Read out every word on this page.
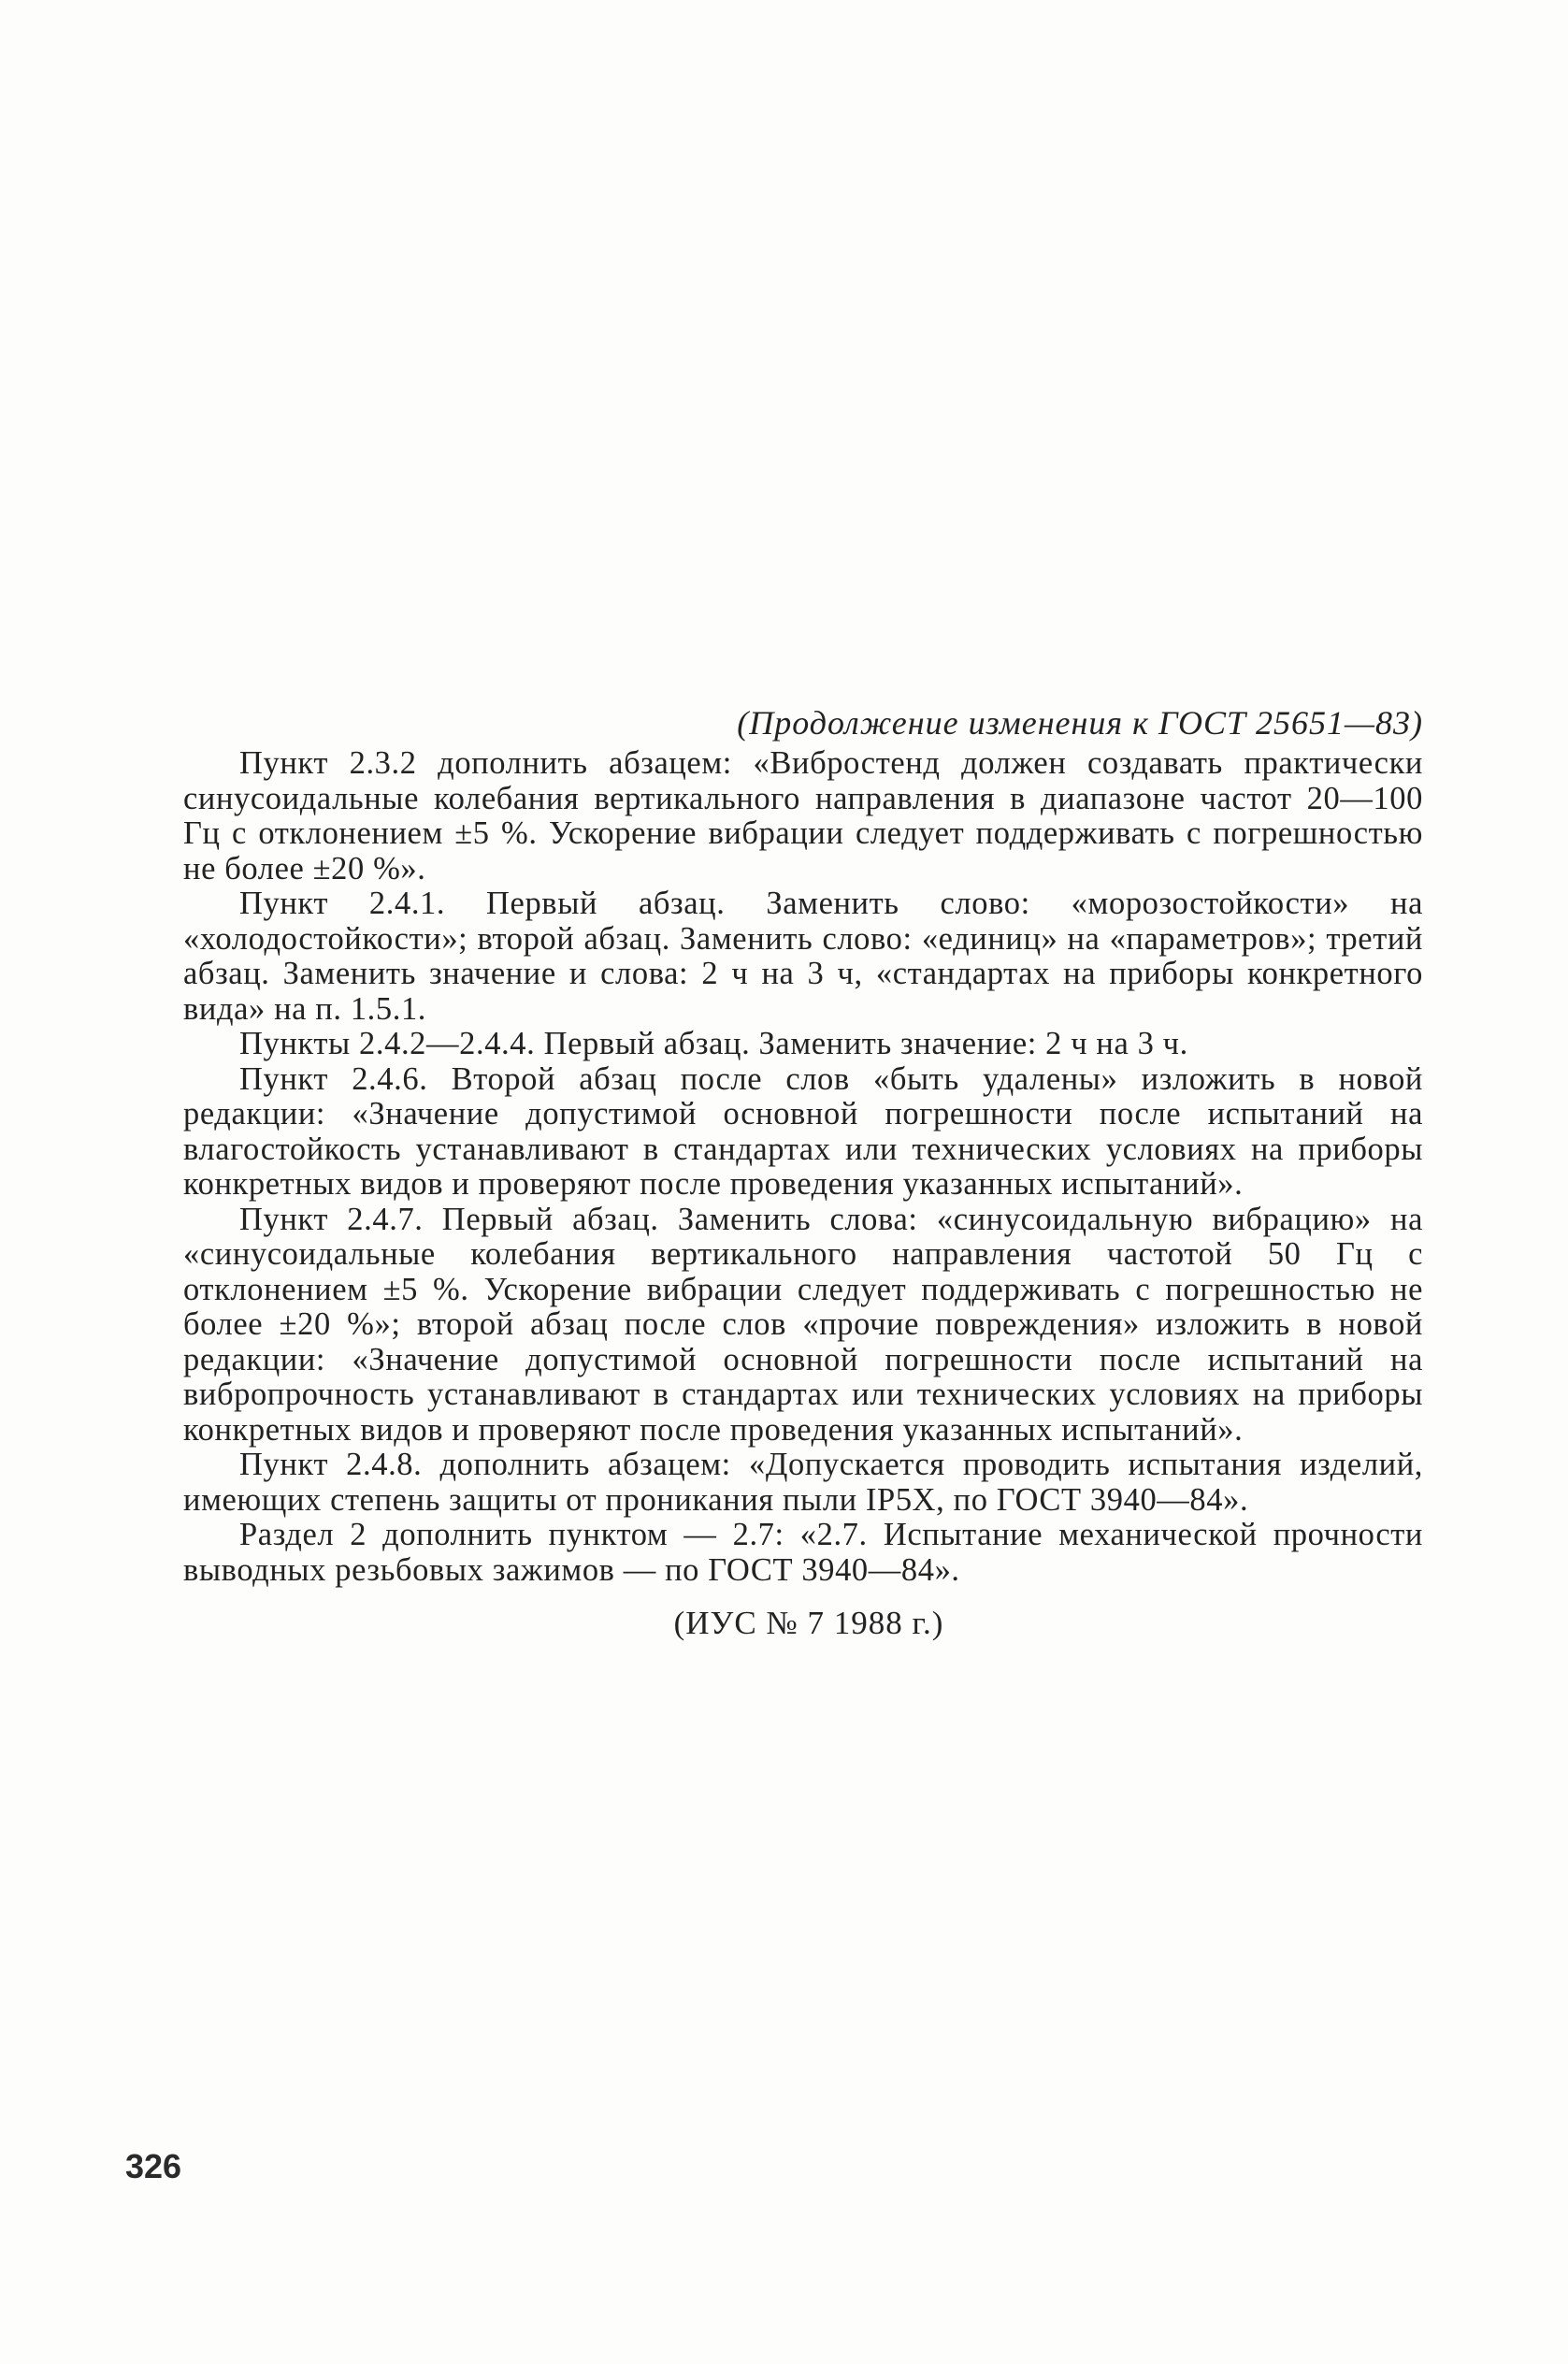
(Продолжение изменения к ГОСТ 25651—83)

Пункт 2.3.2 дополнить абзацем: «Вибростенд должен создавать практически синусоидальные колебания вертикального направления в диапазоне частот 20—100 Гц с отклонением ±5 %. Ускорение вибрации следует поддерживать с погрешностью не более ±20 %».

Пункт 2.4.1. Первый абзац. Заменить слово: «морозостойкости» на «холодостойкости»; второй абзац. Заменить слово: «единиц» на «параметров»; третий абзац. Заменить значение и слова: 2 ч на 3 ч, «стандартах на приборы конкретного вида» на п. 1.5.1.

Пункты 2.4.2—2.4.4. Первый абзац. Заменить значение: 2 ч на 3 ч.

Пункт 2.4.6. Второй абзац после слов «быть удалены» изложить в новой редакции: «Значение допустимой основной погрешности после испытаний на влагостойкость устанавливают в стандартах или технических условиях на приборы конкретных видов и проверяют после проведения указанных испытаний».

Пункт 2.4.7. Первый абзац. Заменить слова: «синусоидальную вибрацию» на «синусоидальные колебания вертикального направления частотой 50 Гц с отклонением ±5 %. Ускорение вибрации следует поддерживать с погрешностью не более ±20 %»; второй абзац после слов «прочие повреждения» изложить в новой редакции: «Значение допустимой основной погрешности после испытаний на вибропрочность устанавливают в стандартах или технических условиях на приборы конкретных видов и проверяют после проведения указанных испытаний».

Пункт 2.4.8. дополнить абзацем: «Допускается проводить испытания изделий, имеющих степень защиты от проникания пыли IP5X, по ГОСТ 3940—84».

Раздел 2 дополнить пунктом — 2.7: «2.7. Испытание механической прочности выводных резьбовых зажимов — по ГОСТ 3940—84».

(ИУС № 7 1988 г.)
326
